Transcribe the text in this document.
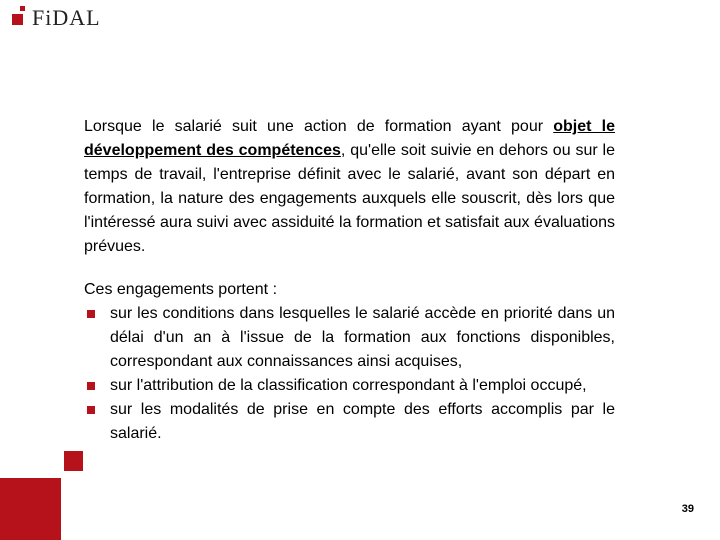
FiDAL

Lorsque le salarié suit une action de formation ayant pour objet le développement des compétences, qu'elle soit suivie en dehors ou sur le temps de travail, l'entreprise définit avec le salarié, avant son départ en formation, la nature des engagements auxquels elle souscrit, dès lors que l'intéressé aura suivi avec assiduité la formation et satisfait aux évaluations prévues.

Ces engagements portent :

sur les conditions dans lesquelles le salarié accède en priorité dans un délai d'un an à l'issue de la formation aux fonctions disponibles, correspondant aux connaissances ainsi acquises,
sur l'attribution de la classification correspondant à l'emploi occupé,
sur les modalités de prise en compte des efforts accomplis par le salarié.
39
